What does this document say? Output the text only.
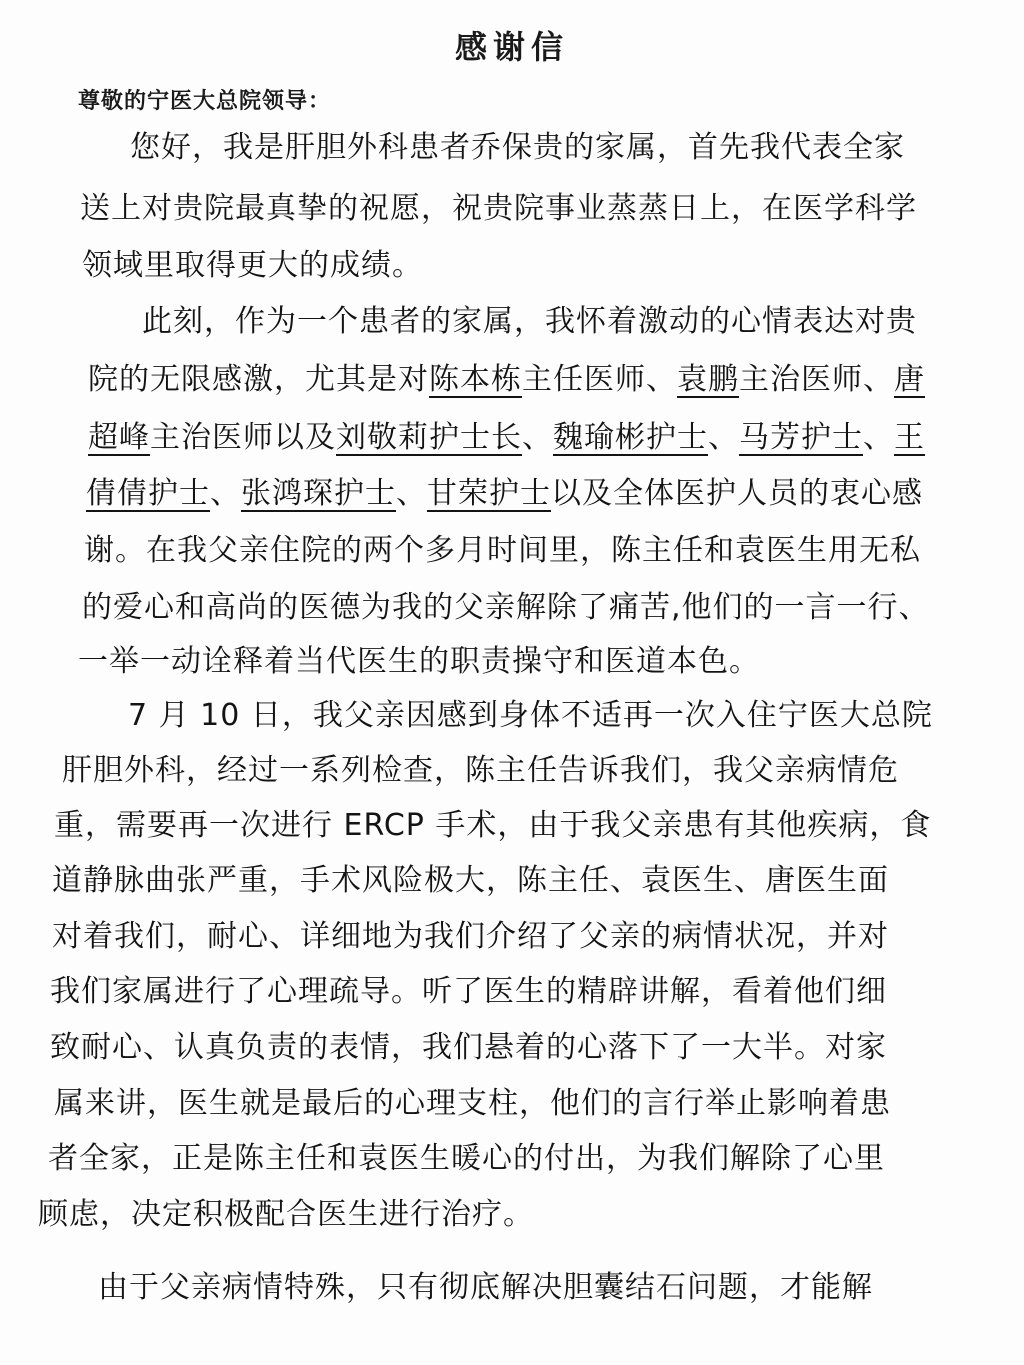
感谢信
尊敬的宁医大总院领导：
您好，我是肝胆外科患者乔保贵的家属，首先我代表全家
送上对贵院最真挚的祝愿，祝贵院事业蒸蒸日上，在医学科学
领域里取得更大的成绩。
此刻，作为一个患者的家属，我怀着激动的心情表达对贵
院的无限感激，尤其是对陈本栋主任医师、袁鹏主治医师、唐
超峰主治医师以及刘敬莉护士长、魏瑜彬护士、马芳护士、王
倩倩护士、张鸿琛护士、甘荣护士以及全体医护人员的衷心感
谢。在我父亲住院的两个多月时间里，陈主任和袁医生用无私
的爱心和高尚的医德为我的父亲解除了痛苦,他们的一言一行、
一举一动诠释着当代医生的职责操守和医道本色。
7 月 10 日，我父亲因感到身体不适再一次入住宁医大总院
肝胆外科，经过一系列检查，陈主任告诉我们，我父亲病情危
重，需要再一次进行 ERCP 手术，由于我父亲患有其他疾病，食
道静脉曲张严重，手术风险极大，陈主任、袁医生、唐医生面
对着我们，耐心、详细地为我们介绍了父亲的病情状况，并对
我们家属进行了心理疏导。听了医生的精辟讲解，看着他们细
致耐心、认真负责的表情，我们悬着的心落下了一大半。对家
属来讲，医生就是最后的心理支柱，他们的言行举止影响着患
者全家，正是陈主任和袁医生暖心的付出，为我们解除了心里
顾虑，决定积极配合医生进行治疗。
由于父亲病情特殊，只有彻底解决胆囊结石问题，才能解
